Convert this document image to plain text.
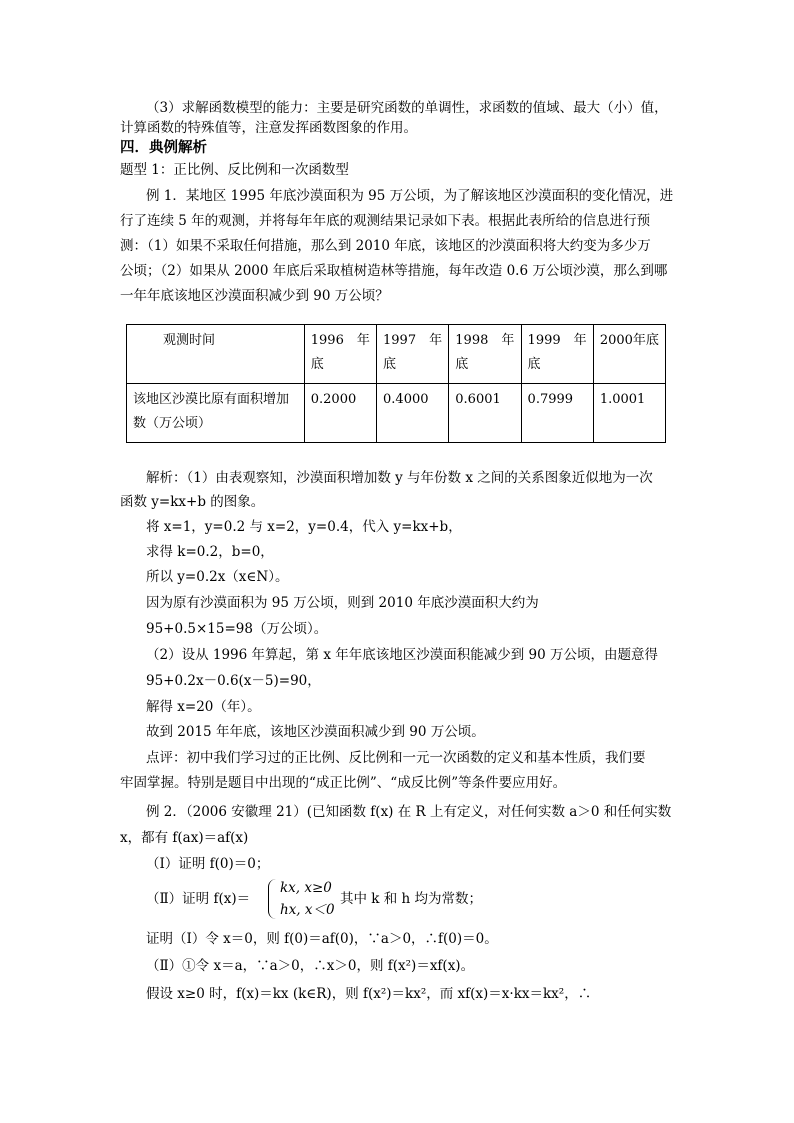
（3）求解函数模型的能力：主要是研究函数的单调性，求函数的值域、最大（小）值，
计算函数的特殊值等，注意发挥函数图象的作用。
四．典例解析
题型 1：正比例、反比例和一次函数型
例 1．某地区 1995 年底沙漠面积为 95 万公顷，为了解该地区沙漠面积的变化情况，进
行了连续 5 年的观测，并将每年年底的观测结果记录如下表。根据此表所给的信息进行预
测：（1）如果不采取任何措施，那么到 2010 年底，该地区的沙漠面积将大约变为多少万
公顷；（2）如果从 2000 年底后采取植树造林等措施，每年改造 0.6 万公顷沙漠，那么到哪
一年年底该地区沙漠面积减少到 90 万公顷？
观测时间	1996　年底	1997　年底	1998　年底	1999　年底	2000年底
该地区沙漠比原有面积增加数（万公顷）	0.2000	0.4000	0.6001	0.7999	1.0001
解析：（1）由表观察知，沙漠面积增加数 y 与年份数 x 之间的关系图象近似地为一次
函数 y=kx+b 的图象。
将 x=1，y=0.2 与 x=2，y=0.4，代入 y=kx+b，
求得 k=0.2，b=0，
所以 y=0.2x（x∈N）。
因为原有沙漠面积为 95 万公顷，则到 2010 年底沙漠面积大约为
95+0.5×15=98（万公顷）。
（2）设从 1996 年算起，第 x 年年底该地区沙漠面积能减少到 90 万公顷，由题意得
95+0.2x－0.6(x－5)=90，
解得 x=20（年）。
故到 2015 年年底，该地区沙漠面积减少到 90 万公顷。
点评：初中我们学习过的正比例、反比例和一元一次函数的定义和基本性质，我们要
牢固掌握。特别是题目中出现的“成正比例”、“成反比例”等条件要应用好。
例 2．（2006 安徽理 21）(已知函数 f(x) 在 R 上有定义，对任何实数 a＞0 和任何实数
x，都有 f(ax)＝af(x)
（Ⅰ）证明 f(0)＝0；
（Ⅱ）证明 f(x)＝
kx, x≥0
hx, x＜0
其中 k 和 h 均为常数；
证明（Ⅰ）令 x＝0，则 f(0)＝af(0)，∵a＞0，∴f(0)＝0。
（Ⅱ）①令 x＝a，∵a＞0，∴x＞0，则 f(x²)＝xf(x)。
假设 x≥0 时，f(x)＝kx (k∈R)，则 f(x²)＝kx²，而 xf(x)＝x·kx＝kx²，∴
